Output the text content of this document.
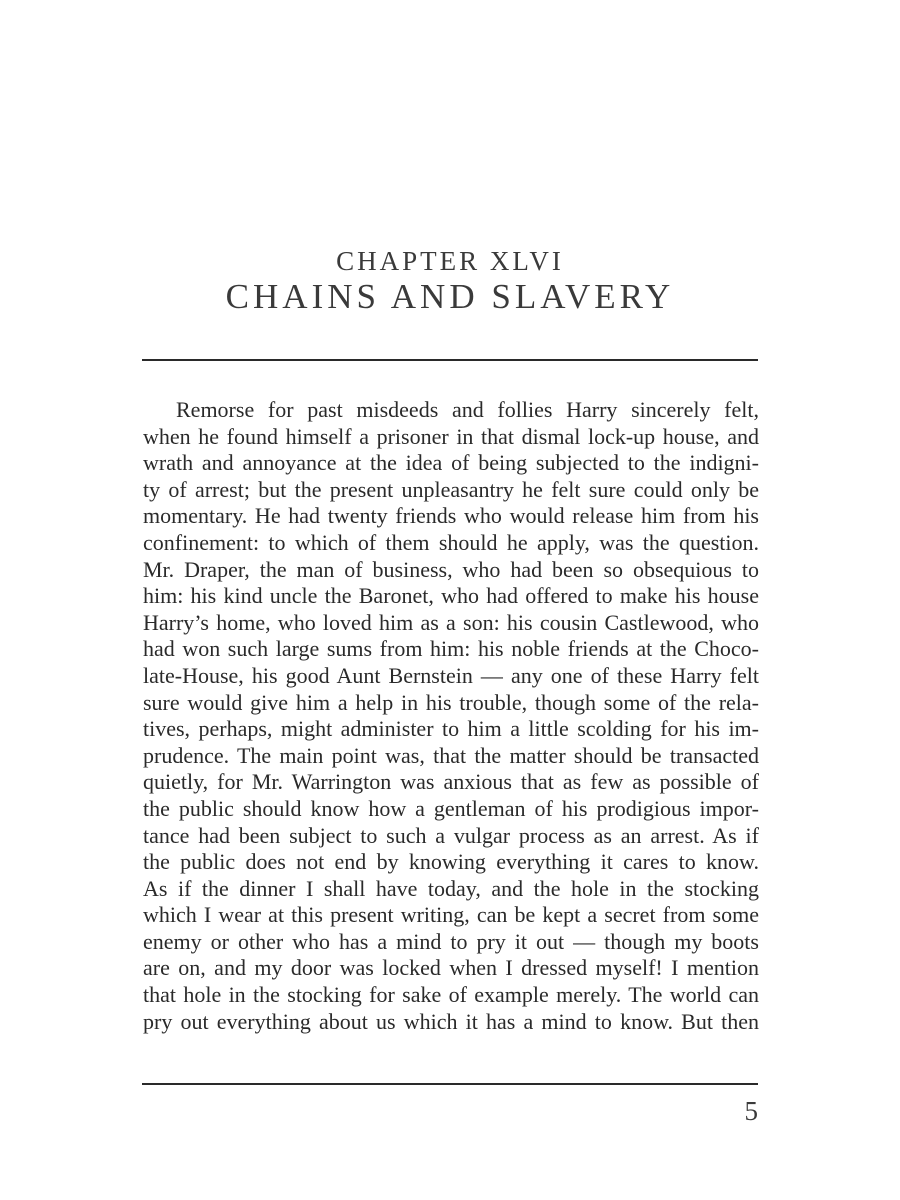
CHAPTER XLVI
CHAINS AND SLAVERY

Remorse for past misdeeds and follies Harry sincerely felt,
when he found himself a prisoner in that dismal lock-up house, and
wrath and annoyance at the idea of being subjected to the indigni-
ty of arrest; but the present unpleasantry he felt sure could only be
momentary. He had twenty friends who would release him from his
confinement: to which of them should he apply, was the question.
Mr. Draper, the man of business, who had been so obsequious to
him: his kind uncle the Baronet, who had offered to make his house
Harry’s home, who loved him as a son: his cousin Castlewood, who
had won such large sums from him: his noble friends at the Choco-
late-House, his good Aunt Bernstein — any one of these Harry felt
sure would give him a help in his trouble, though some of the rela-
tives, perhaps, might administer to him a little scolding for his im-
prudence. The main point was, that the matter should be transacted
quietly, for Mr. Warrington was anxious that as few as possible of
the public should know how a gentleman of his prodigious impor-
tance had been subject to such a vulgar process as an arrest. As if
the public does not end by knowing everything it cares to know.
As if the dinner I shall have today, and the hole in the stocking
which I wear at this present writing, can be kept a secret from some
enemy or other who has a mind to pry it out — though my boots
are on, and my door was locked when I dressed myself! I mention
that hole in the stocking for sake of example merely. The world can
pry out everything about us which it has a mind to know. But then

5
